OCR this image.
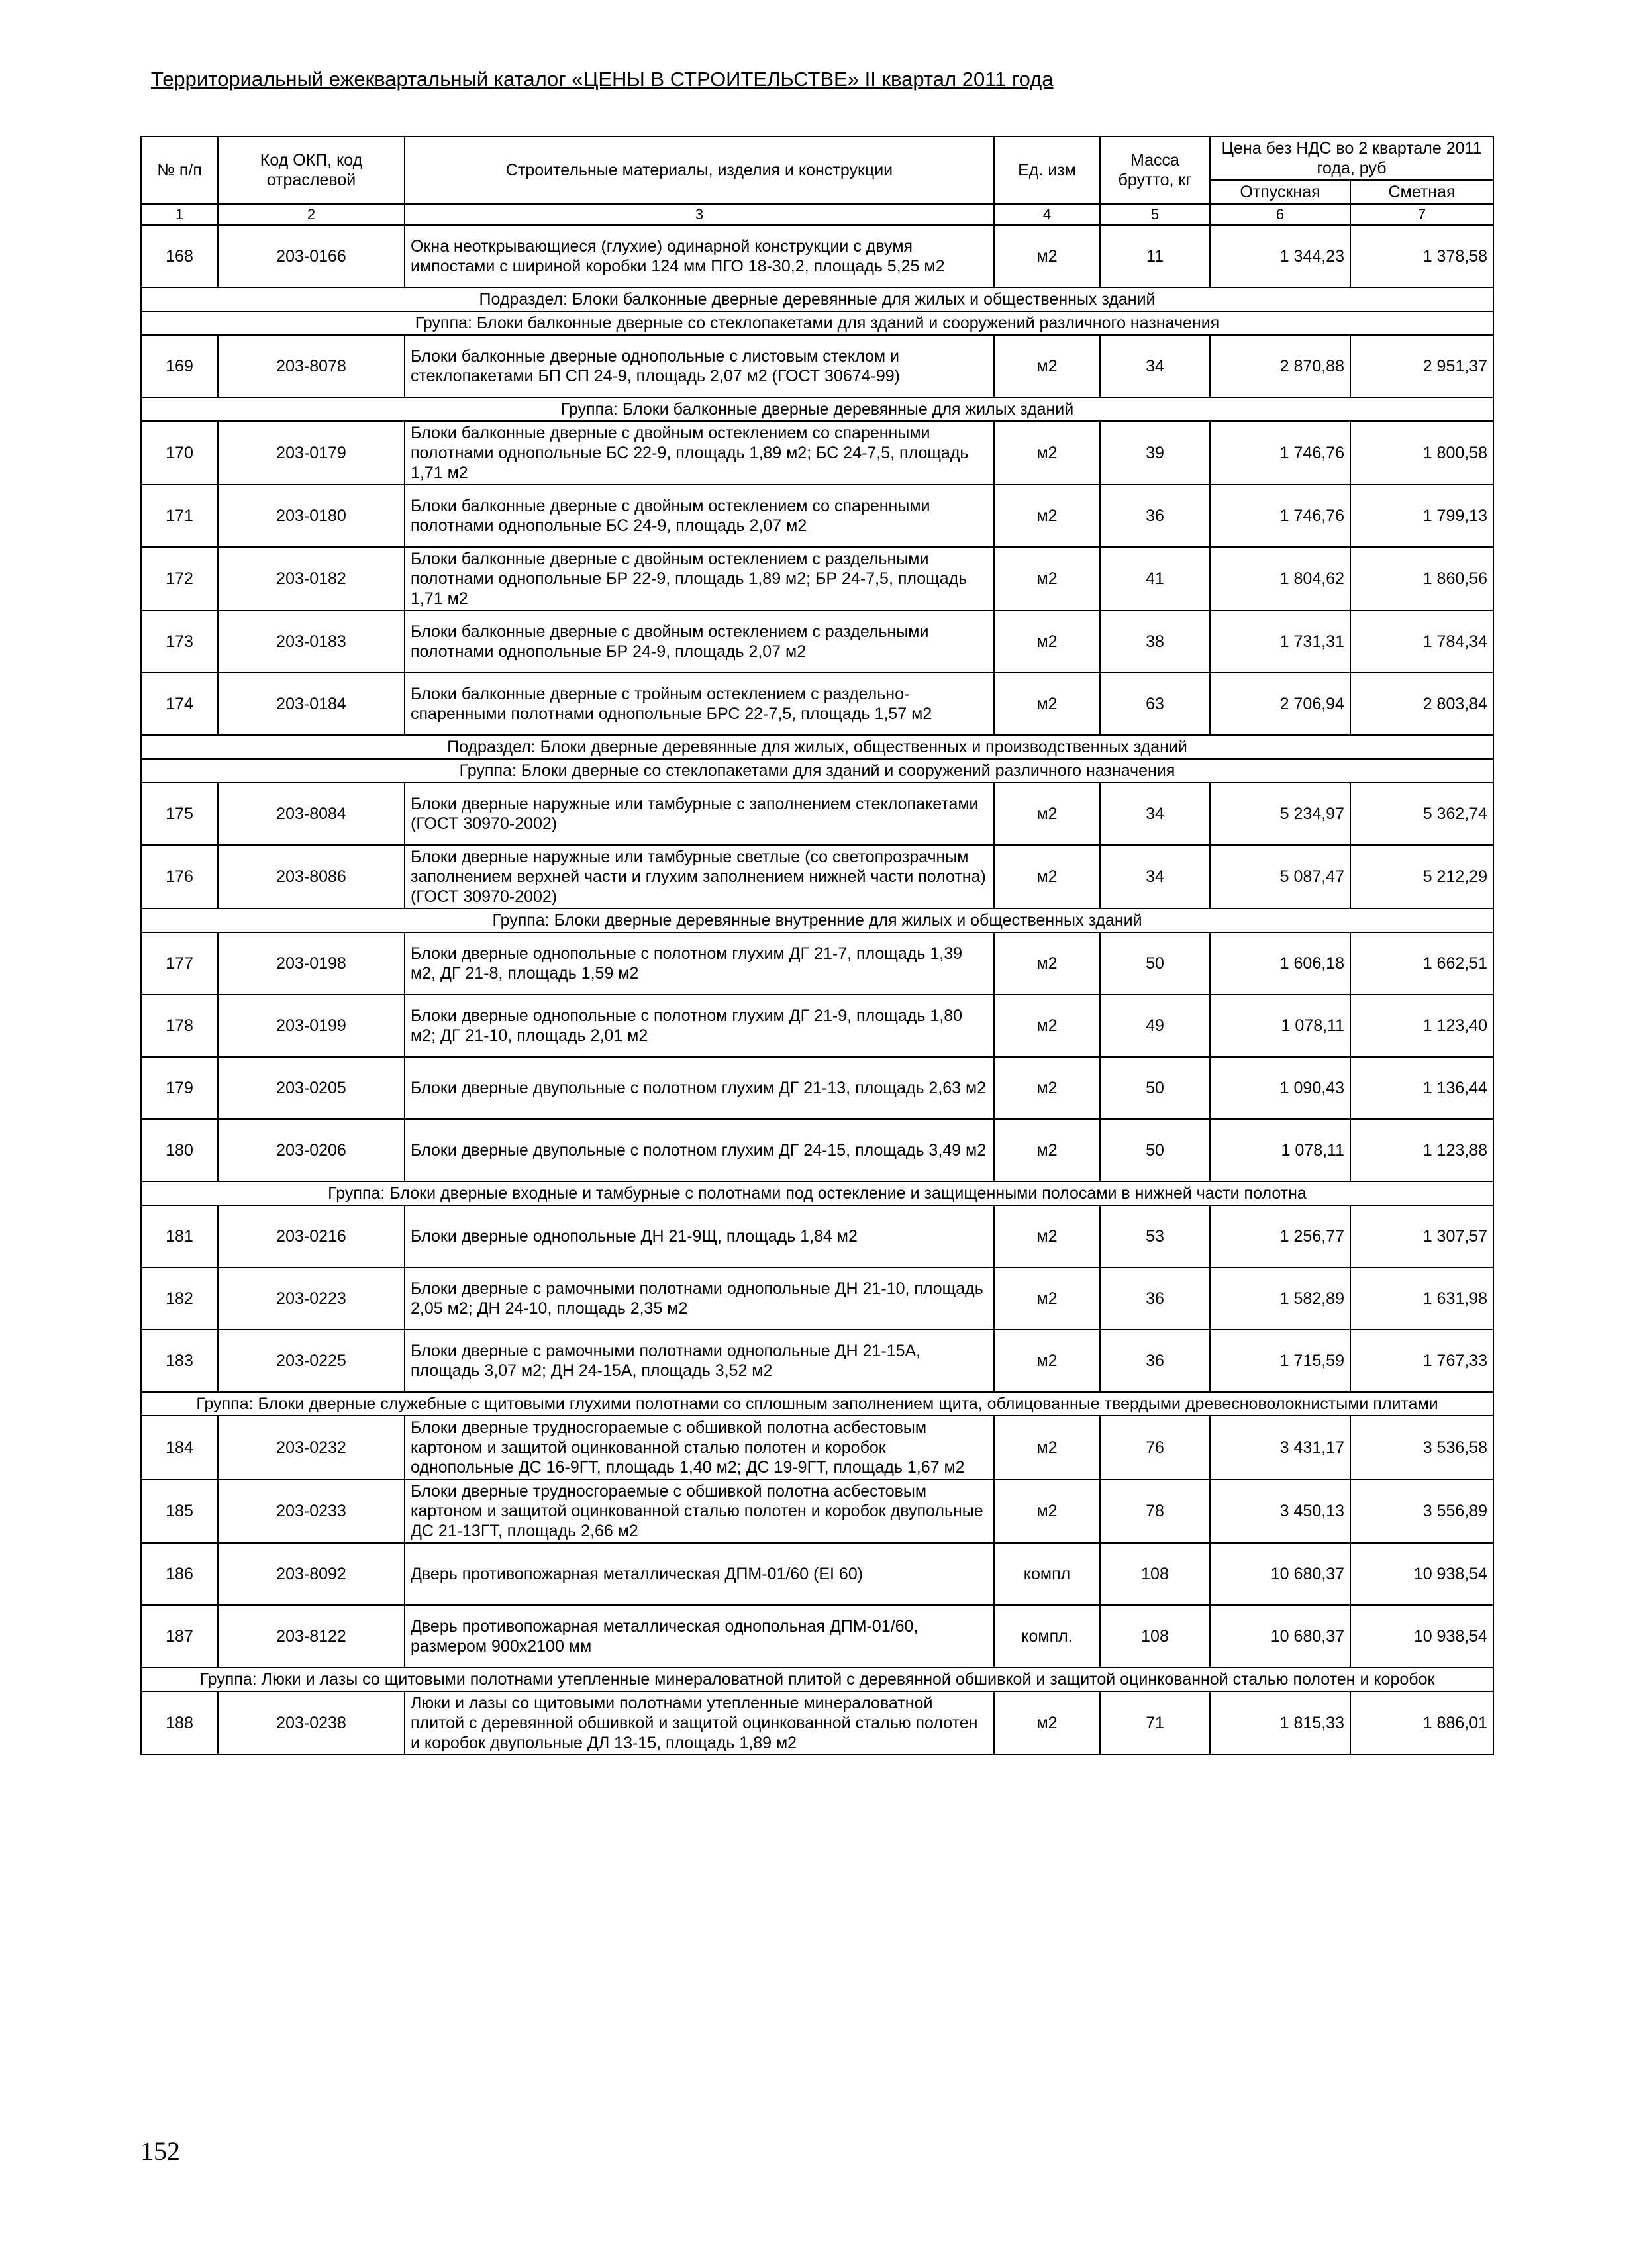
Территориальный ежеквартальный каталог «ЦЕНЫ В СТРОИТЕЛЬСТВЕ» II квартал 2011 года
№ п/п	Код ОКП, код отраслевой	Строительные материалы, изделия и конструкции	Ед. изм	Масса брутто, кг	Цена без НДС во 2 квартале 2011 года, руб	
					Отпускная	Сметная
1	2	3	4	5	6	7
168	203-0166	Окна неоткрывающиеся (глухие) одинарной конструкции с двумя импостами с шириной коробки 124 мм ПГО 18-30,2, площадь 5,25 м2	м2	11	1 344,23	1 378,58
Подраздел: Блоки балконные дверные деревянные для жилых и общественных зданий						
Группа: Блоки балконные дверные со стеклопакетами для зданий и сооружений различного назначения						
169	203-8078	Блоки балконные дверные однопольные с листовым стеклом и стеклопакетами БП СП 24-9, площадь 2,07 м2 (ГОСТ 30674-99)	м2	34	2 870,88	2 951,37
Группа: Блоки балконные дверные деревянные для жилых зданий						
170	203-0179	Блоки балконные дверные с двойным остеклением со спаренными полотнами однопольные БС 22-9, площадь 1,89 м2; БС 24-7,5, площадь 1,71 м2	м2	39	1 746,76	1 800,58
171	203-0180	Блоки балконные дверные с двойным остеклением со спаренными полотнами однопольные БС 24-9, площадь 2,07 м2	м2	36	1 746,76	1 799,13
172	203-0182	Блоки балконные дверные с двойным остеклением с раздельными полотнами однопольные БР 22-9, площадь 1,89 м2; БР 24-7,5, площадь 1,71 м2	м2	41	1 804,62	1 860,56
173	203-0183	Блоки балконные дверные с двойным остеклением с раздельными полотнами однопольные БР 24-9, площадь 2,07 м2	м2	38	1 731,31	1 784,34
174	203-0184	Блоки балконные дверные с тройным остеклением с раздельно-спаренными полотнами однопольные БРС 22-7,5, площадь 1,57 м2	м2	63	2 706,94	2 803,84
Подраздел: Блоки дверные деревянные для жилых, общественных и производственных зданий						
Группа: Блоки дверные со стеклопакетами для зданий и сооружений различного назначения						
175	203-8084	Блоки дверные наружные или тамбурные с заполнением стеклопакетами (ГОСТ 30970-2002)	м2	34	5 234,97	5 362,74
176	203-8086	Блоки дверные наружные или тамбурные светлые (со светопрозрачным заполнением верхней части и глухим заполнением нижней части полотна) (ГОСТ 30970-2002)	м2	34	5 087,47	5 212,29
Группа: Блоки дверные деревянные внутренние для жилых и общественных зданий						
177	203-0198	Блоки дверные однопольные с полотном глухим ДГ 21-7, площадь 1,39 м2, ДГ 21-8, площадь 1,59 м2	м2	50	1 606,18	1 662,51
178	203-0199	Блоки дверные однопольные с полотном глухим ДГ 21-9, площадь 1,80 м2; ДГ 21-10, площадь 2,01 м2	м2	49	1 078,11	1 123,40
179	203-0205	Блоки дверные двупольные с полотном глухим ДГ 21-13, площадь 2,63 м2	м2	50	1 090,43	1 136,44
180	203-0206	Блоки дверные двупольные с полотном глухим ДГ 24-15, площадь 3,49 м2	м2	50	1 078,11	1 123,88
Группа: Блоки дверные входные и тамбурные с полотнами под остекление и защищенными полосами в нижней части полотна						
181	203-0216	Блоки дверные однопольные ДН 21-9Щ, площадь 1,84 м2	м2	53	1 256,77	1 307,57
182	203-0223	Блоки дверные с рамочными полотнами однопольные ДН 21-10, площадь 2,05 м2; ДН 24-10, площадь 2,35 м2	м2	36	1 582,89	1 631,98
183	203-0225	Блоки дверные с рамочными полотнами однопольные ДН 21-15А, площадь 3,07 м2; ДН 24-15А, площадь 3,52 м2	м2	36	1 715,59	1 767,33
Группа: Блоки дверные служебные с щитовыми глухими полотнами со сплошным заполнением щита, облицованные твердыми древесноволокнистыми плитами						
184	203-0232	Блоки дверные трудносгораемые с обшивкой полотна асбестовым картоном и защитой оцинкованной сталью полотен и коробок однопольные ДС 16-9ГТ, площадь 1,40 м2; ДС 19-9ГТ, площадь 1,67 м2	м2	76	3 431,17	3 536,58
185	203-0233	Блоки дверные трудносгораемые с обшивкой полотна асбестовым картоном и защитой оцинкованной сталью полотен и коробок двупольные ДС 21-13ГТ, площадь 2,66 м2	м2	78	3 450,13	3 556,89
186	203-8092	Дверь противопожарная металлическая ДПМ-01/60 (EI 60)	компл	108	10 680,37	10 938,54
187	203-8122	Дверь противопожарная металлическая однопольная ДПМ-01/60, размером 900х2100 мм	компл.	108	10 680,37	10 938,54
Группа: Люки и лазы со щитовыми полотнами утепленные минераловатной плитой с деревянной обшивкой и защитой оцинкованной сталью полотен и коробок						
188	203-0238	Люки и лазы со щитовыми полотнами утепленные минераловатной плитой с деревянной обшивкой и защитой оцинкованной сталью полотен и коробок двупольные ДЛ 13-15, площадь 1,89 м2	м2	71	1 815,33	1 886,01
152
